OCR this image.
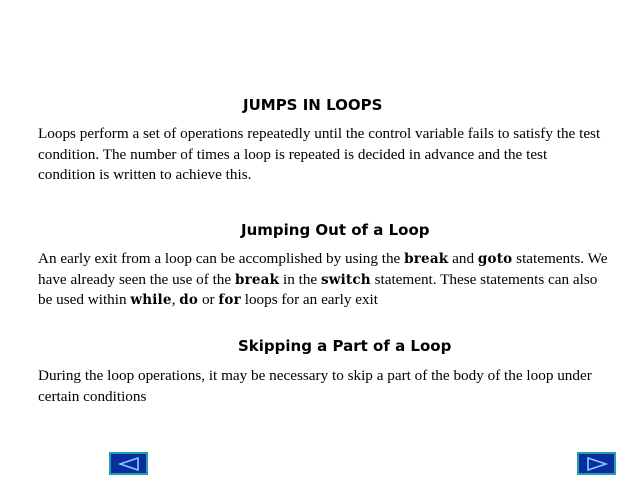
JUMPS IN LOOPS

Loops perform a set of operations repeatedly until the control variable fails to satisfy the test condition. The number of times a loop is repeated is decided in advance and the test condition is written to achieve this.

Jumping Out of a Loop

An early exit from a loop can be accomplished by using the break and goto statements. We have already seen the use of the break in the switch statement. These statements can also be used within while, do or for loops for an early exit

Skipping a Part of a Loop

During the loop operations, it may be necessary to skip a part of the body of the loop under certain conditions
